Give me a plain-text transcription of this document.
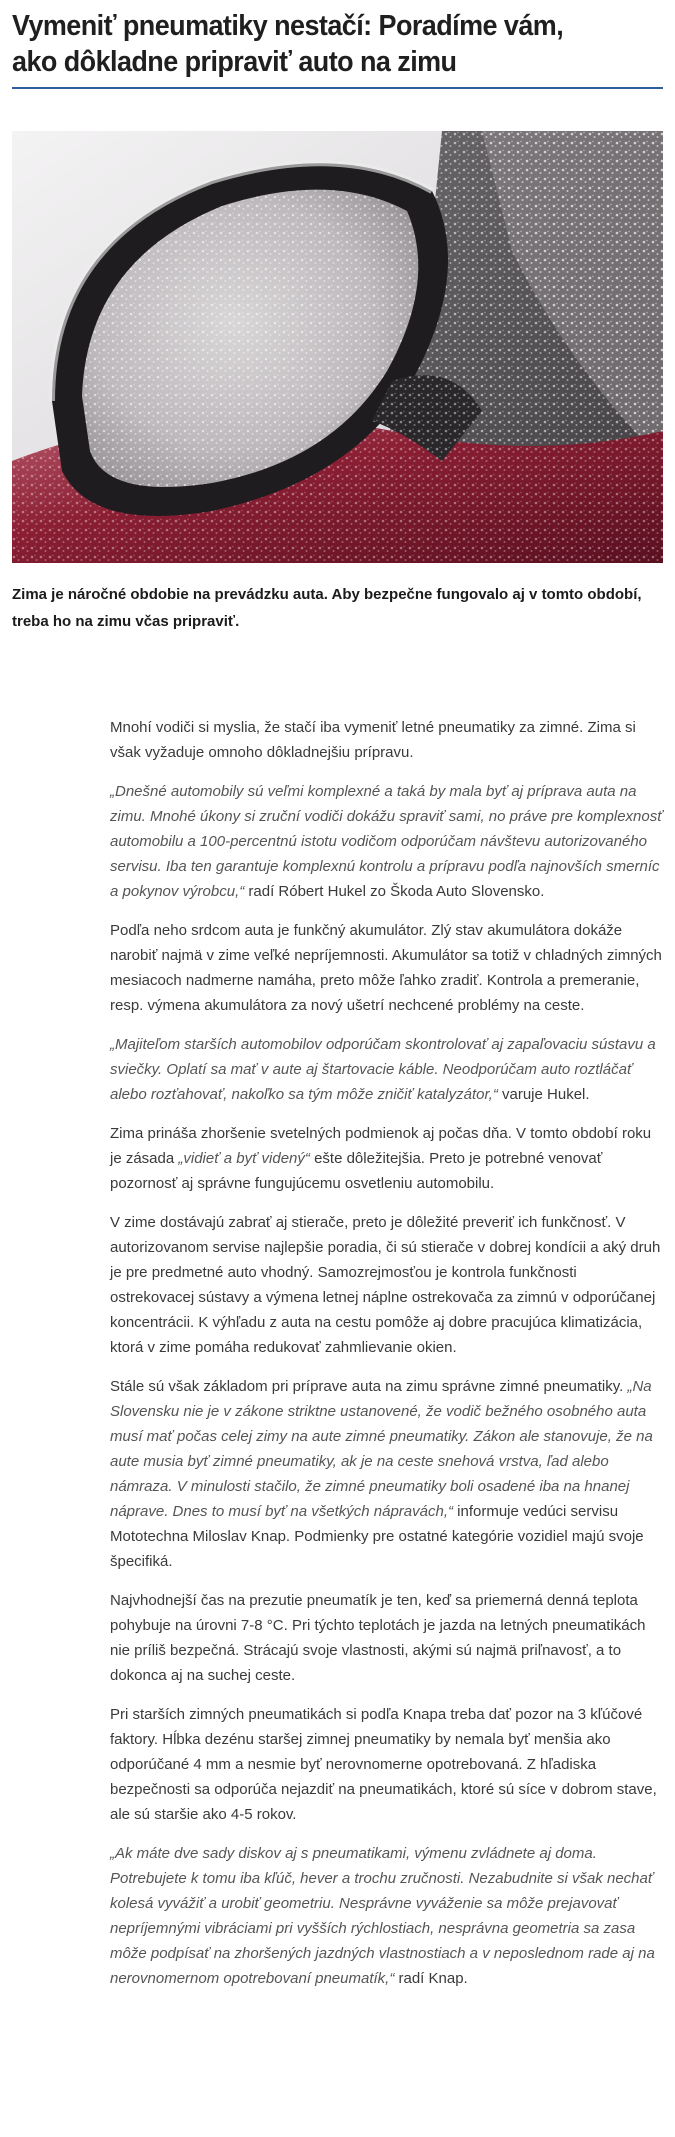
Vymeniť pneumatiky nestačí: Poradíme vám, ako dôkladne pripraviť auto na zimu

Zima je náročné obdobie na prevádzku auta. Aby bezpečne fungovalo aj v tomto období, treba ho na zimu včas pripraviť.

Mnohí vodiči si myslia, že stačí iba vymeniť letné pneumatiky za zimné. Zima si však vyžaduje omnoho dôkladnejšiu prípravu.

„Dnešné automobily sú veľmi komplexné a taká by mala byť aj príprava auta na zimu. Mnohé úkony si zruční vodiči dokážu spraviť sami, no práve pre komplexnosť automobilu a 100-percentnú istotu vodičom odporúčam návštevu autorizovaného servisu. Iba ten garantuje komplexnú kontrolu a prípravu podľa najnovších smerníc a pokynov výrobcu,“ radí Róbert Hukel zo Škoda Auto Slovensko.

Podľa neho srdcom auta je funkčný akumulátor. Zlý stav akumulátora dokáže narobiť najmä v zime veľké nepríjemnosti. Akumulátor sa totiž v chladných zimných mesiacoch nadmerne namáha, preto môže ľahko zradiť. Kontrola a premeranie, resp. výmena akumulátora za nový ušetrí nechcené problémy na ceste.

„Majiteľom starších automobilov odporúčam skontrolovať aj zapaľovaciu sústavu a sviečky. Oplatí sa mať v aute aj štartovacie káble. Neodporúčam auto roztláčať alebo rozťahovať, nakoľko sa tým môže zničiť katalyzátor,“ varuje Hukel.

Zima prináša zhoršenie svetelných podmienok aj počas dňa. V tomto období roku je zásada „vidieť a byť videný“ ešte dôležitejšia. Preto je potrebné venovať pozornosť aj správne fungujúcemu osvetleniu automobilu.

V zime dostávajú zabrať aj stierače, preto je dôležité preveriť ich funkčnosť. V autorizovanom servise najlepšie poradia, či sú stierače v dobrej kondícii a aký druh je pre predmetné auto vhodný. Samozrejmosťou je kontrola funkčnosti ostrekovacej sústavy a výmena letnej náplne ostrekovača za zimnú v odporúčanej koncentrácii. K výhľadu z auta na cestu pomôže aj dobre pracujúca klimatizácia, ktorá v zime pomáha redukovať zahmlievanie okien.

Stále sú však základom pri príprave auta na zimu správne zimné pneumatiky. „Na Slovensku nie je v zákone striktne ustanovené, že vodič bežného osobného auta musí mať počas celej zimy na aute zimné pneumatiky. Zákon ale stanovuje, že na aute musia byť zimné pneumatiky, ak je na ceste snehová vrstva, ľad alebo námraza. V minulosti stačilo, že zimné pneumatiky boli osadené iba na hnanej náprave. Dnes to musí byť na všetkých nápravách,“ informuje vedúci servisu Mototechna Miloslav Knap. Podmienky pre ostatné kategórie vozidiel majú svoje špecifiká.

Najvhodnejší čas na prezutie pneumatík je ten, keď sa priemerná denná teplota pohybuje na úrovni 7-8 °C. Pri týchto teplotách je jazda na letných pneumatikách nie príliš bezpečná. Strácajú svoje vlastnosti, akými sú najmä priľnavosť, a to dokonca aj na suchej ceste.

Pri starších zimných pneumatikách si podľa Knapa treba dať pozor na 3 kľúčové faktory. Hĺbka dezénu staršej zimnej pneumatiky by nemala byť menšia ako odporúčané 4 mm a nesmie byť nerovnomerne opotrebovaná. Z hľadiska bezpečnosti sa odporúča nejazdiť na pneumatikách, ktoré sú síce v dobrom stave, ale sú staršie ako 4-5 rokov.

„Ak máte dve sady diskov aj s pneumatikami, výmenu zvládnete aj doma. Potrebujete k tomu iba kľúč, hever a trochu zručnosti. Nezabudnite si však nechať kolesá vyvážiť a urobiť geometriu. Nesprávne vyváženie sa môže prejavovať nepríjemnými vibráciami pri vyšších rýchlostiach, nesprávna geometria sa zasa môže podpísať na zhoršených jazdných vlastnostiach a v neposlednom rade aj na nerovnomernom opotrebovaní pneumatík,“ radí Knap.
